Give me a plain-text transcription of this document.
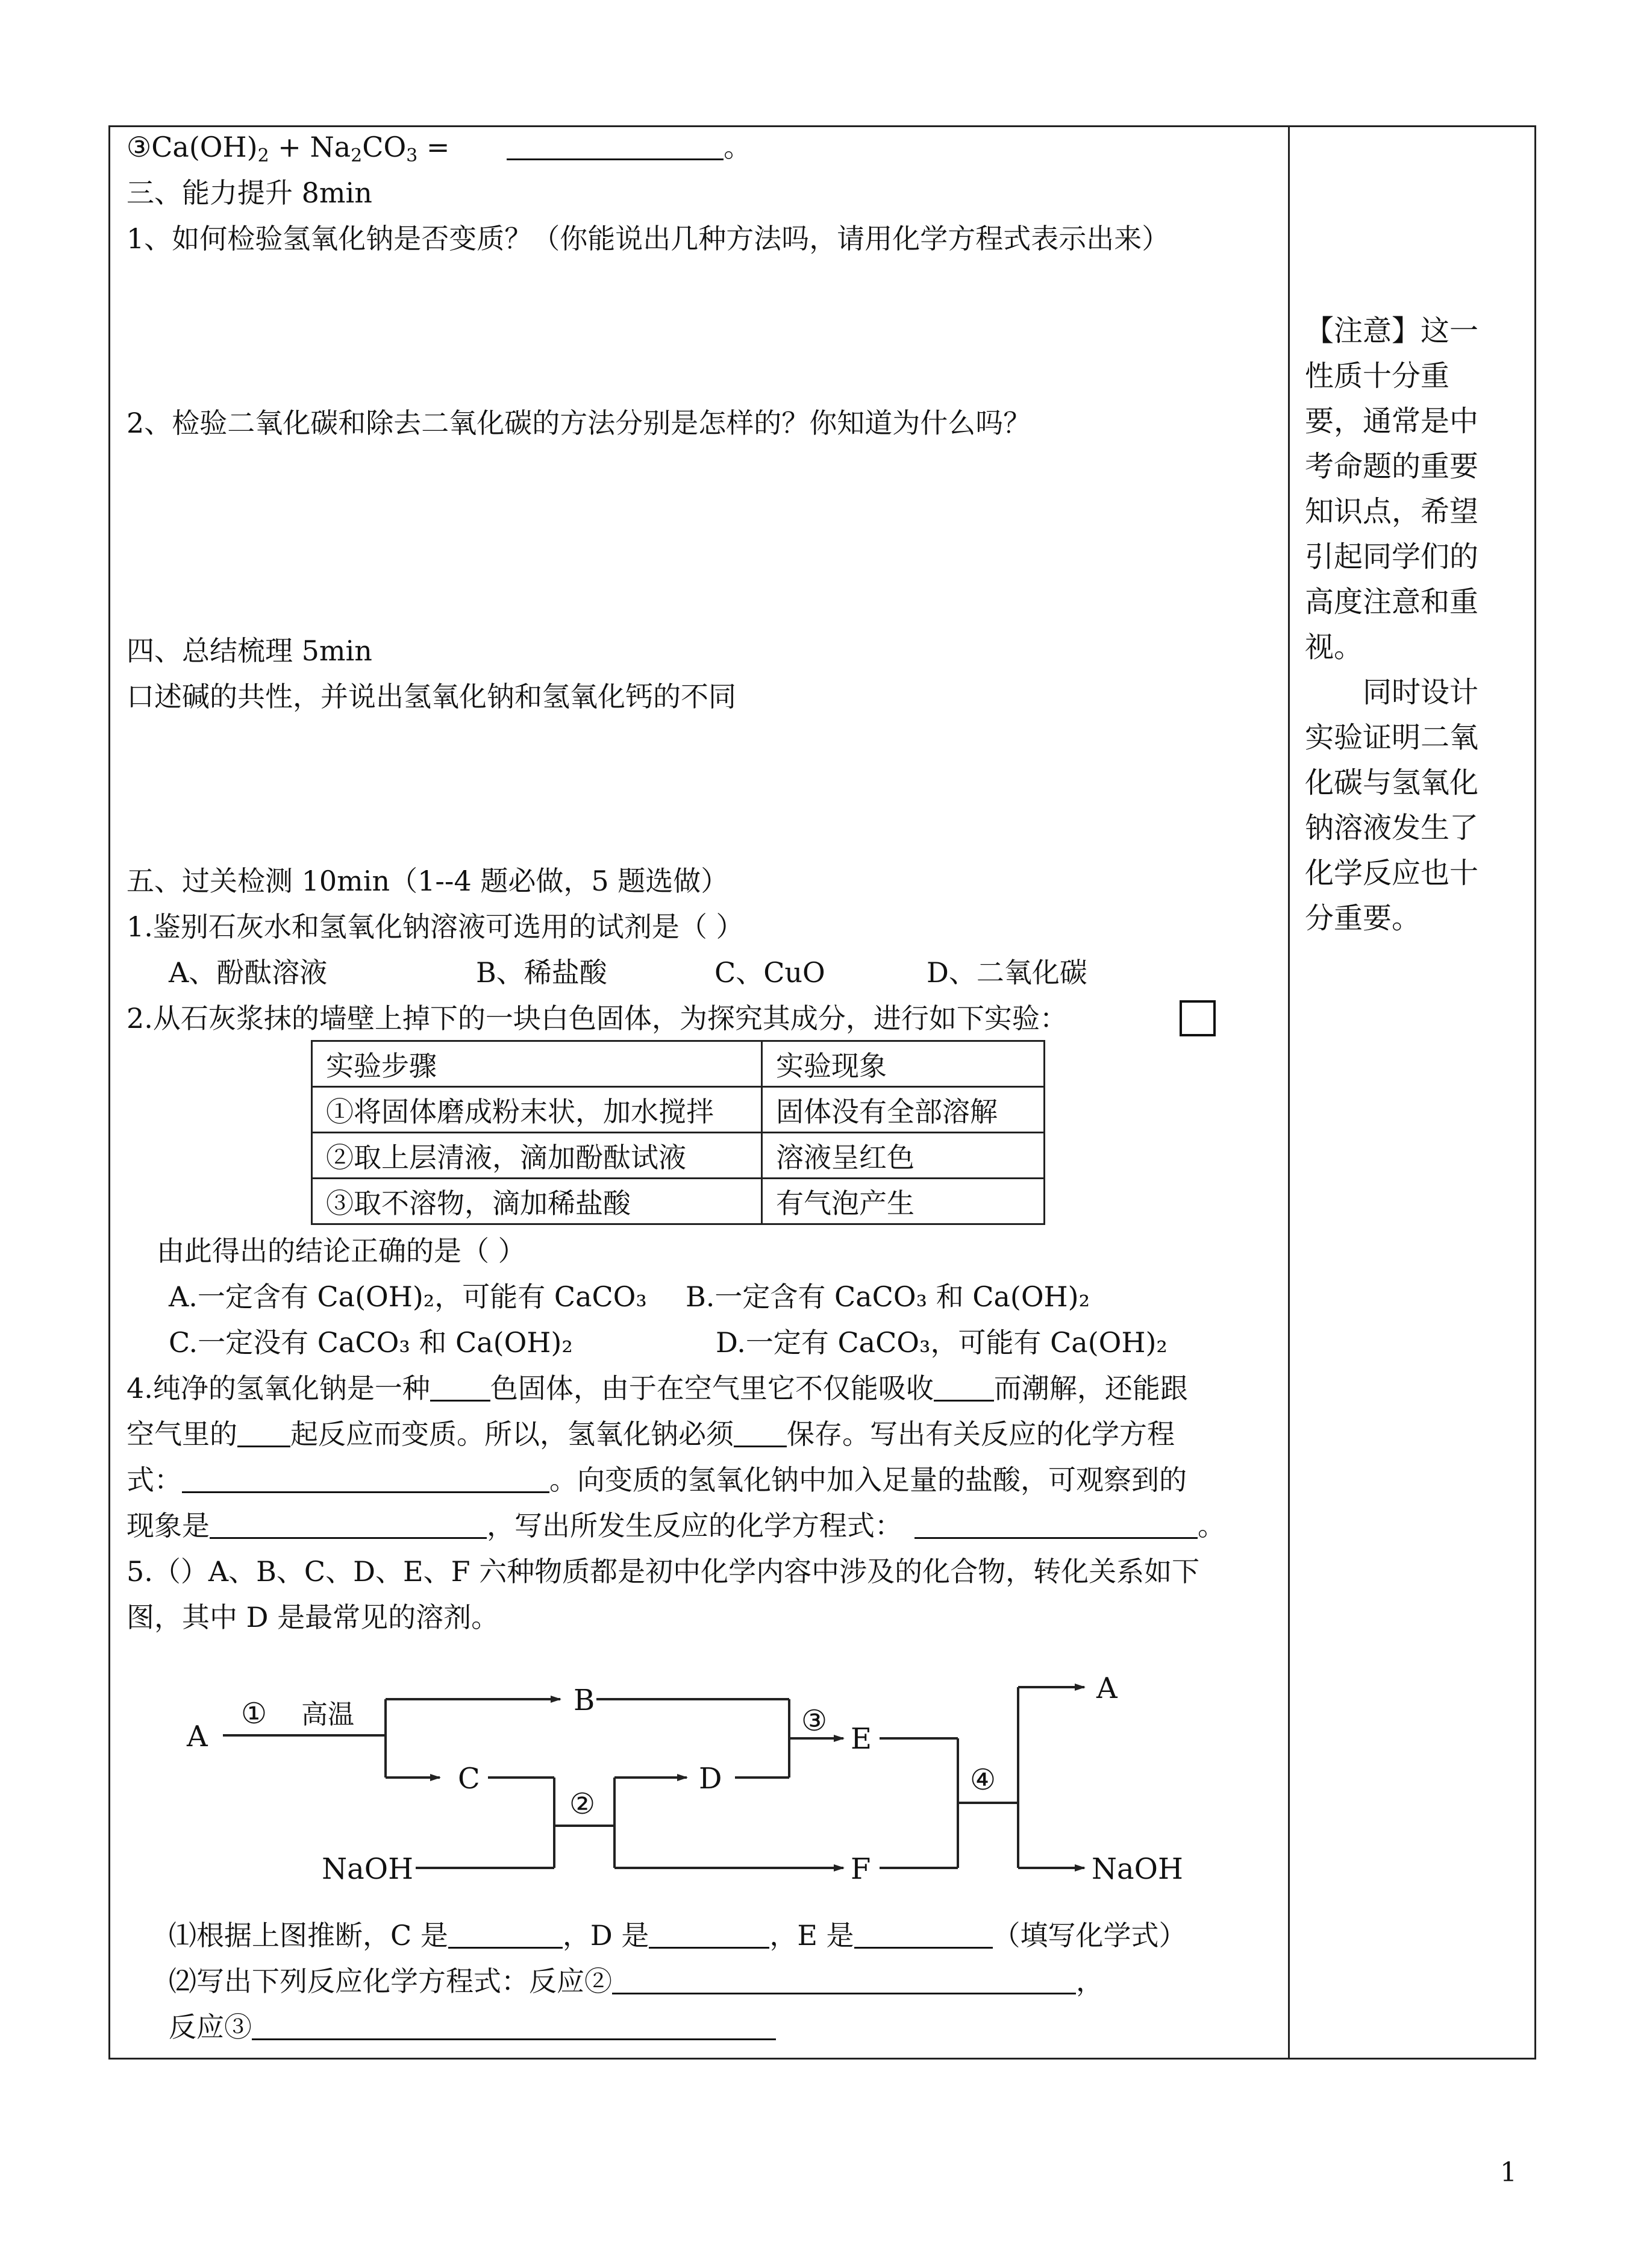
$③Ca(OH)_2 + Na_2CO_3$ =	。
三、能力提升 8min
1、如何检验氢氧化钠是否变质？（你能说出几种方法吗，请用化学方程式表示出来）
2、检验二氧化碳和除去二氧化碳的方法分别是怎样的？你知道为什么吗？
四、总结梳理 5min
口述碱的共性，并说出氢氧化钠和氢氧化钙的不同
五、过关检测 10min（1--4 题必做，5 题选做）
1.鉴别石灰水和氢氧化钠溶液可选用的试剂是（ ）
A、酚酞溶液	B、稀盐酸	C、CuO	D、二氧化碳
2.从石灰浆抹的墙壁上掉下的一块白色固体，为探究其成分，进行如下实验：
实验步骤	实验现象
①将固体磨成粉末状，加水搅拌	固体没有全部溶解
②取上层清液，滴加酚酞试液	溶液呈红色
③取不溶物，滴加稀盐酸	有气泡产生
由此得出的结论正确的是（ ）
A.一定含有 Ca(OH)₂，可能有 CaCO₃ B.一定含有 CaCO₃ 和 Ca(OH)₂
C.一定没有 CaCO₃ 和 Ca(OH)₂	D.一定有 CaCO₃，可能有 Ca(OH)₂
4.纯净的氢氧化钠是一种 色固体，由于在空气里它不仅能吸收 而潮解，还能跟
空气里的 起反应而变质。所以，氢氧化钠必须 保存。写出有关反应的化学方程
式：	。向变质的氢氧化钠中加入足量的盐酸，可观察到的
现象是	，写出所发生反应的化学方程式：	。
5.（）A、B、C、D、E、F 六种物质都是初中化学内容中涉及的化合物，转化关系如下
图，其中 D 是最常见的溶剂。
A
① 高温	B
C
②
D
NaOH
③
E
F
④
A
NaOH
⑴根据上图推断，C 是	，D 是	，E 是	（填写化学式）
⑵写出下列反应化学方程式：反应②	，
反应③

【注意】这一性质十分重要，通常是中考命题的重要知识点，希望引起同学们的高度注意和重视。

同时设计实验证明二氧化碳与氢氧化钠溶液发生了化学反应也十分重要。

1
